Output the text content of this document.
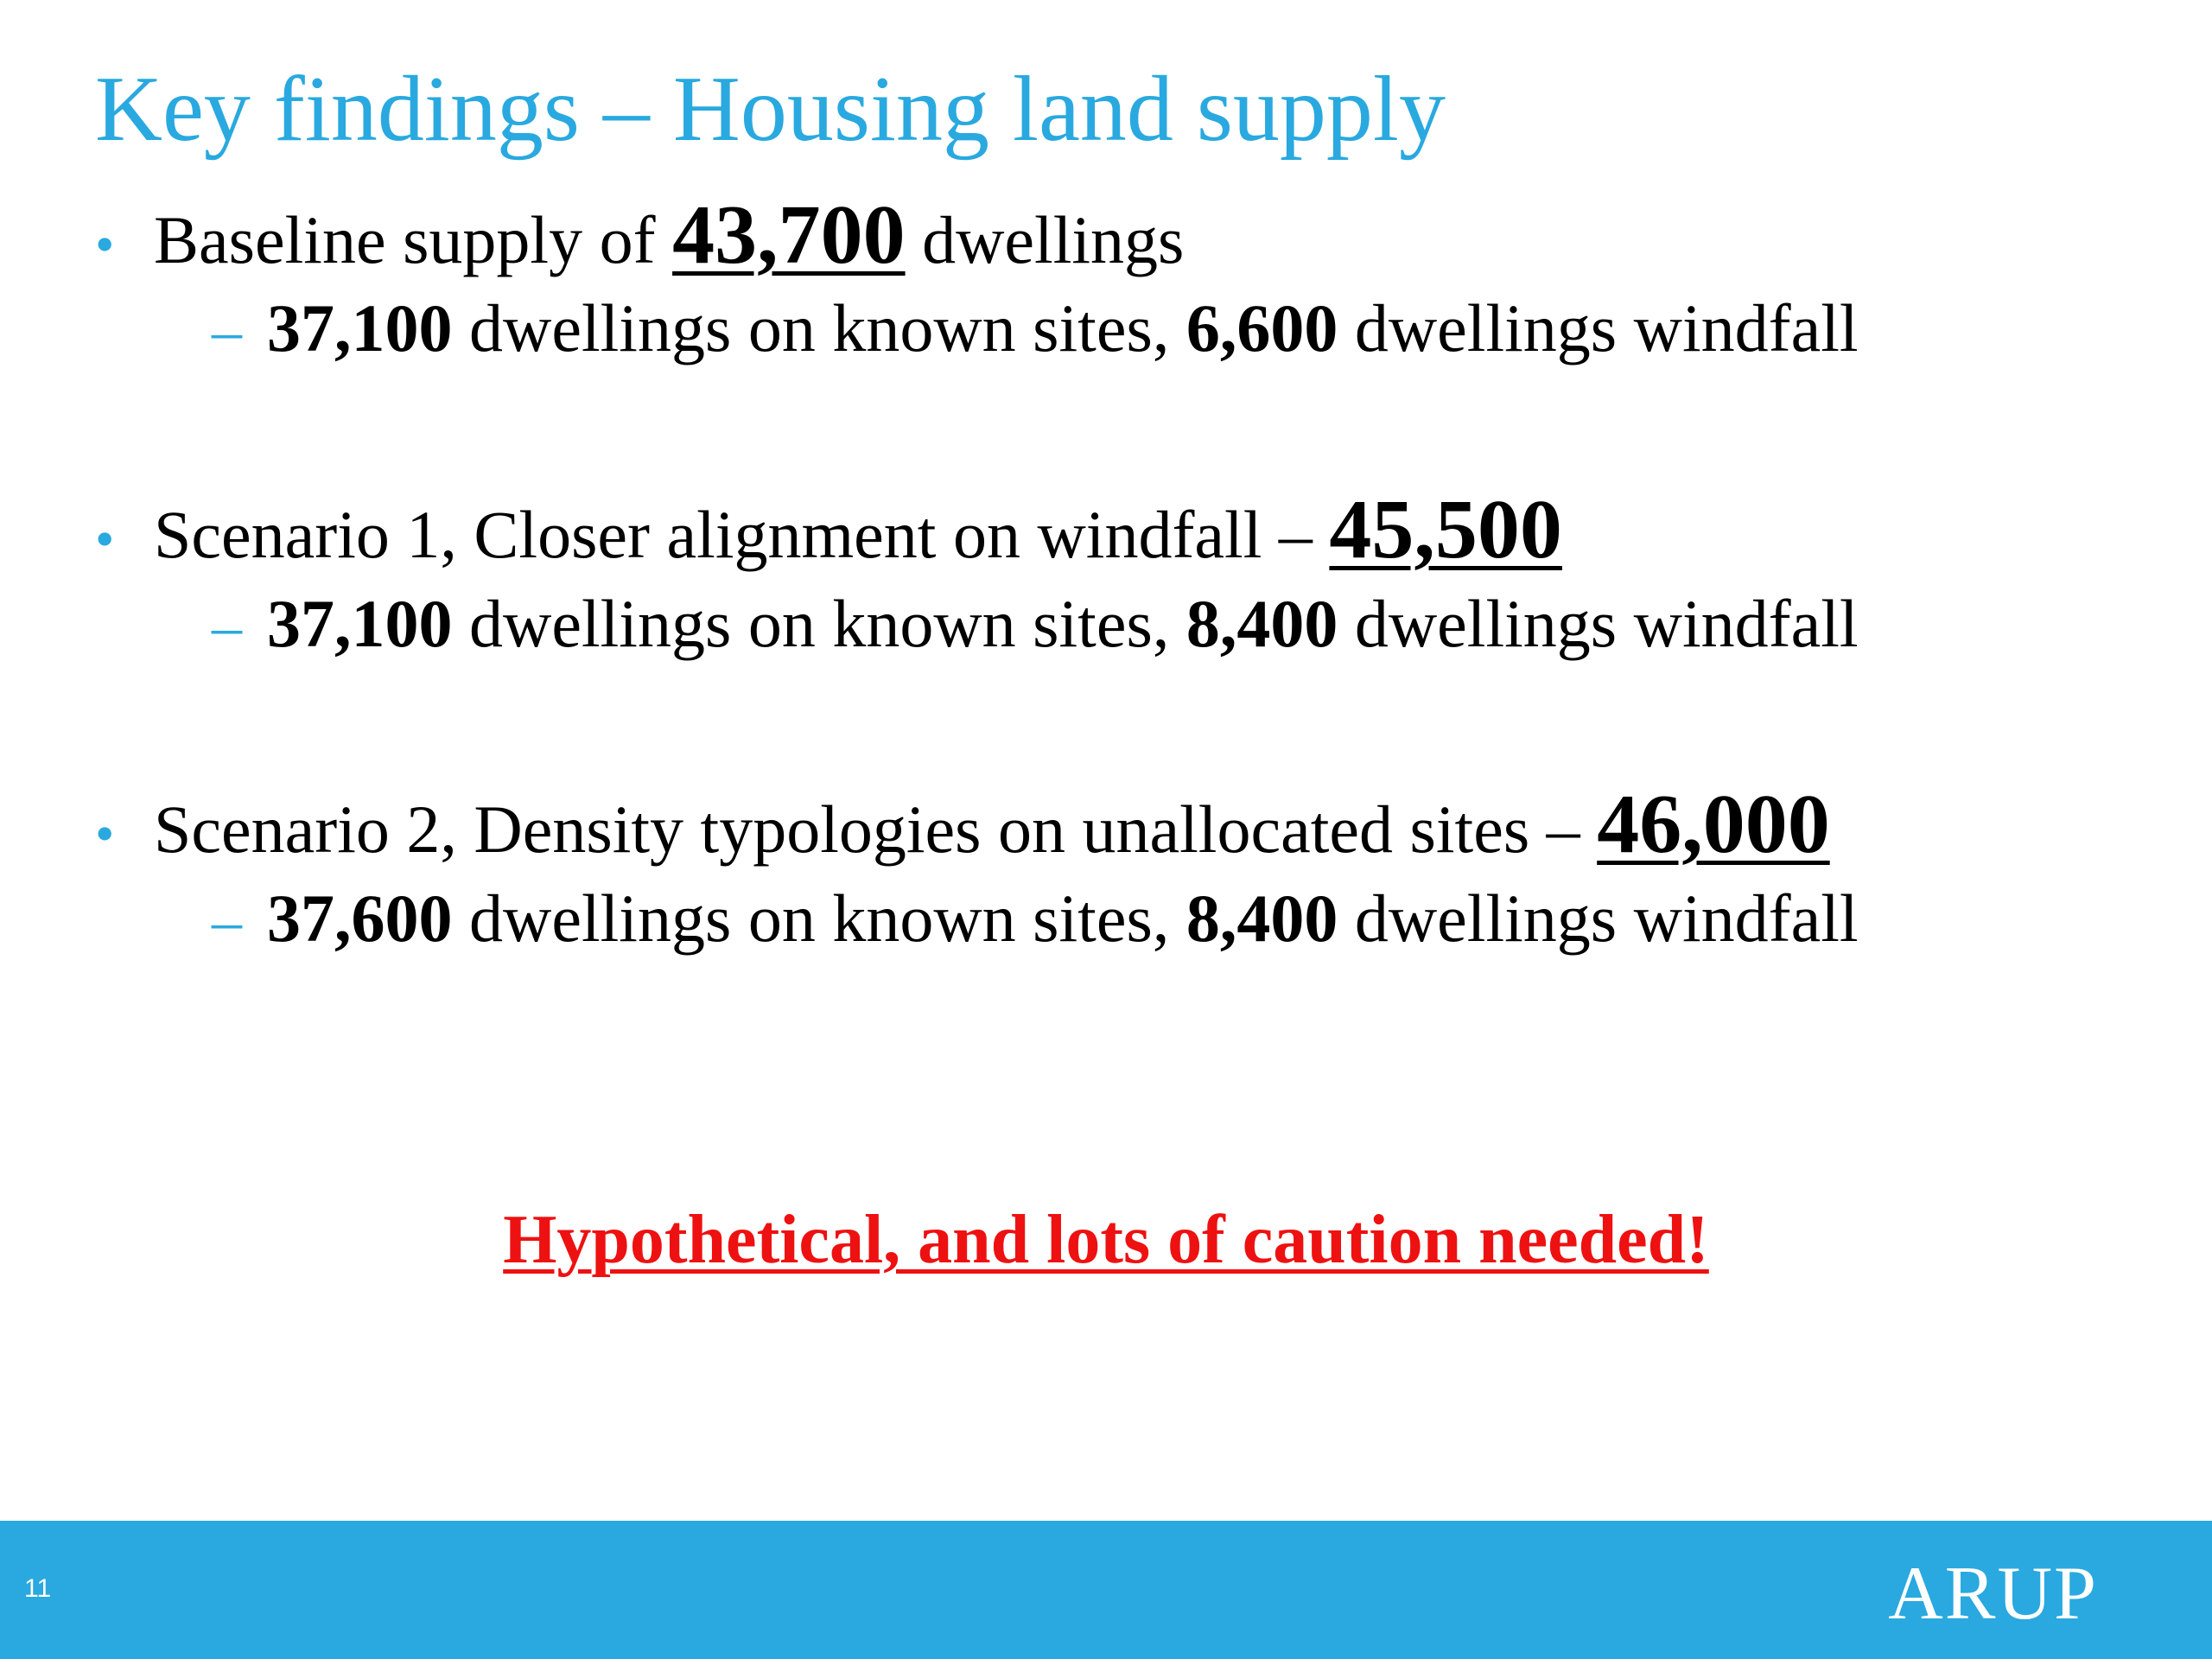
Key findings – Housing land supply
• Baseline supply of 43,700 dwellings
– 37,100 dwellings on known sites, 6,600 dwellings windfall
• Scenario 1, Closer alignment on windfall – 45,500
– 37,100 dwellings on known sites, 8,400 dwellings windfall
• Scenario 2, Density typologies on unallocated sites – 46,000
– 37,600 dwellings on known sites, 8,400 dwellings windfall
Hypothetical, and lots of caution needed!
11	ARUP
